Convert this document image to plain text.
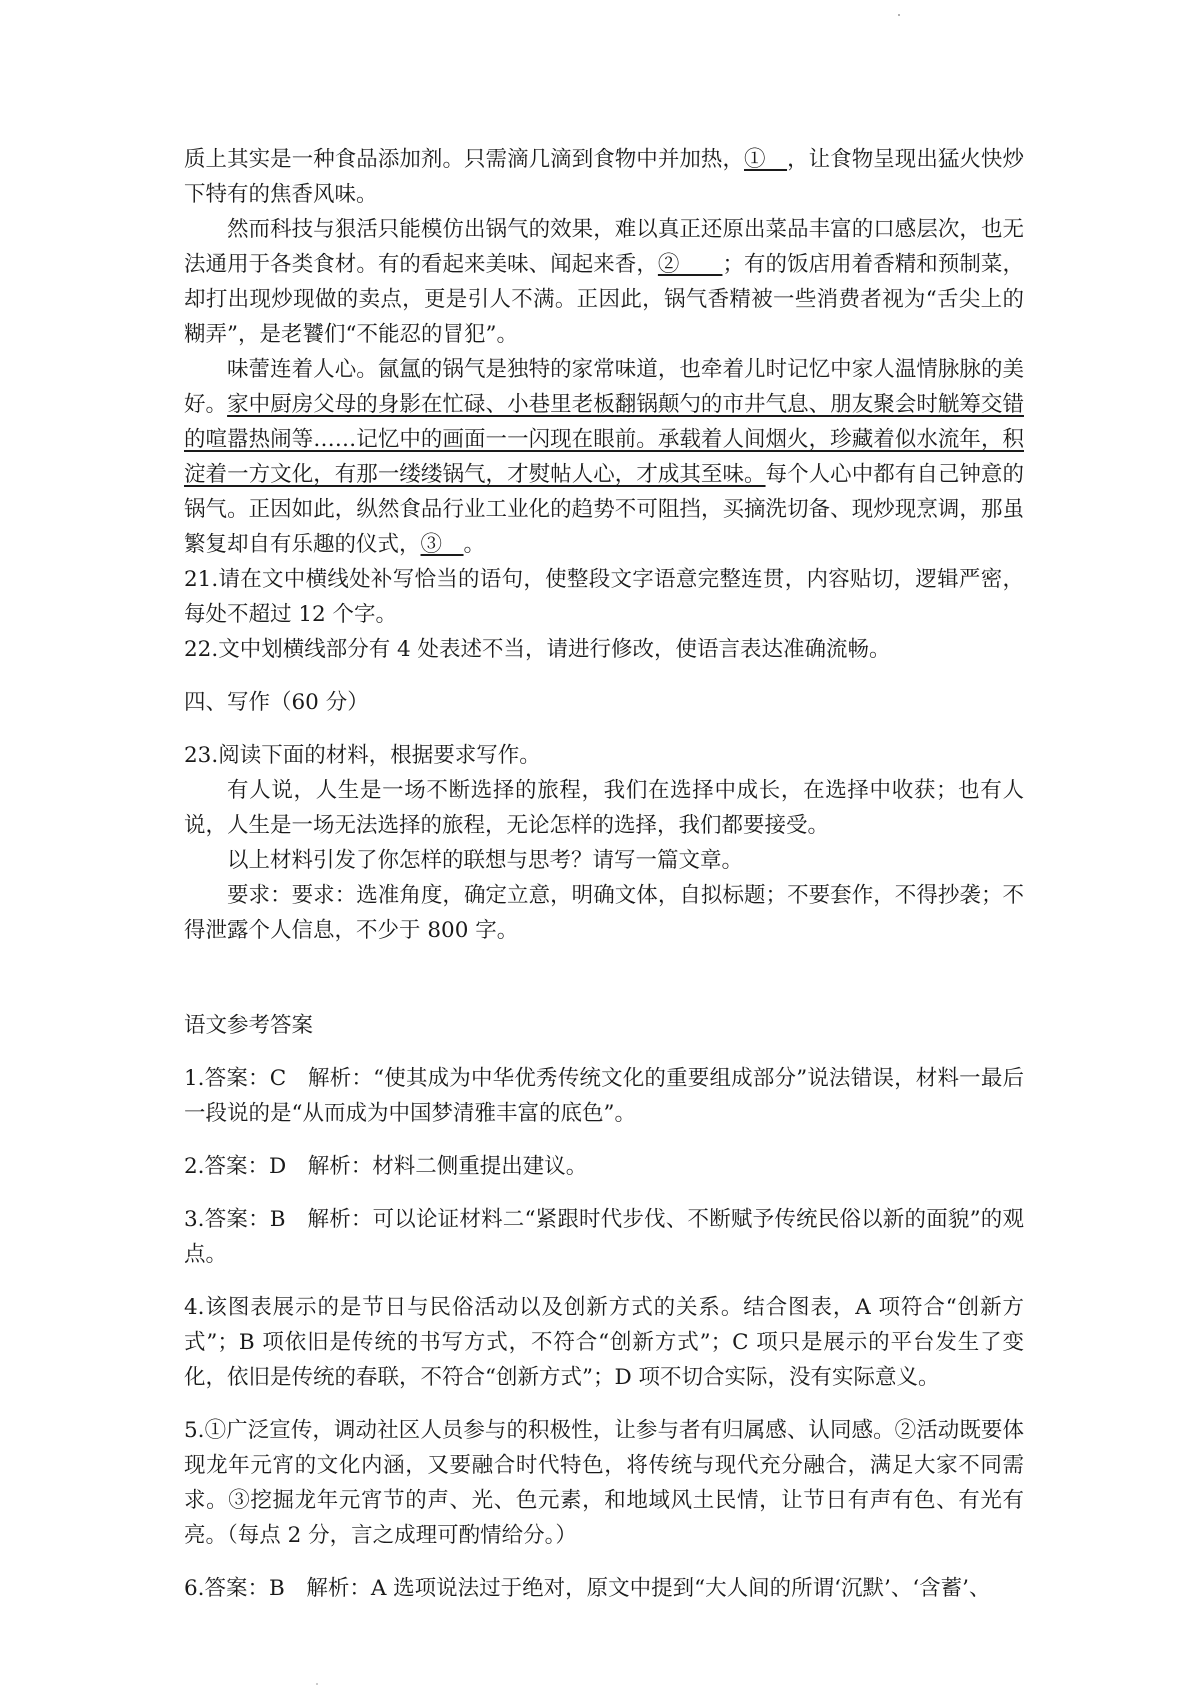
质上其实是一种食品添加剂。只需滴几滴到食物中并加热，①__，让食物呈现出猛火快炒下特有的焦香风味。

然而科技与狠活只能模仿出锅气的效果，难以真正还原出菜品丰富的口感层次，也无法通用于各类食材。有的看起来美味、闻起来香，②____；有的饭店用着香精和预制菜，却打出现炒现做的卖点，更是引人不满。正因此，锅气香精被一些消费者视为“舌尖上的糊弄”，是老饕们“不能忍的冒犯”。

味蕾连着人心。氤氲的锅气是独特的家常味道，也牵着儿时记忆中家人温情脉脉的美好。家中厨房父母的身影在忙碌、小巷里老板翻锅颠勺的市井气息、朋友聚会时觥筹交错的喧嚣热闹等……记忆中的画面一一闪现在眼前。承载着人间烟火，珍藏着似水流年，积淀着一方文化，有那一缕缕锅气，才熨帖人心，才成其至味。每个人心中都有自己钟意的锅气。正因如此，纵然食品行业工业化的趋势不可阻挡，买摘洗切备、现炒现烹调，那虽繁复却自有乐趣的仪式，③__。

21.请在文中横线处补写恰当的语句，使整段文字语意完整连贯，内容贴切，逻辑严密，每处不超过 12 个字。

22.文中划横线部分有 4 处表述不当，请进行修改，使语言表达准确流畅。

四、写作（60 分）

23.阅读下面的材料，根据要求写作。

有人说，人生是一场不断选择的旅程，我们在选择中成长，在选择中收获；也有人说，人生是一场无法选择的旅程，无论怎样的选择，我们都要接受。

以上材料引发了你怎样的联想与思考？请写一篇文章。

要求：要求：选准角度，确定立意，明确文体，自拟标题；不要套作，不得抄袭；不得泄露个人信息，不少于 800 字。

语文参考答案

1.答案：C　解析：“使其成为中华优秀传统文化的重要组成部分”说法错误，材料一最后一段说的是“从而成为中国梦清雅丰富的底色”。

2.答案：D　解析：材料二侧重提出建议。

3.答案：B　解析：可以论证材料二“紧跟时代步伐、不断赋予传统民俗以新的面貌”的观点。

4.该图表展示的是节日与民俗活动以及创新方式的关系。结合图表，A 项符合“创新方式”；B 项依旧是传统的书写方式，不符合“创新方式”；C 项只是展示的平台发生了变化，依旧是传统的春联，不符合“创新方式”；D 项不切合实际，没有实际意义。

5.①广泛宣传，调动社区人员参与的积极性，让参与者有归属感、认同感。②活动既要体现龙年元宵的文化内涵，又要融合时代特色，将传统与现代充分融合，满足大家不同需求。③挖掘龙年元宵节的声、光、色元素，和地域风土民情，让节日有声有色、有光有亮。（每点 2 分，言之成理可酌情给分。）

6.答案：B　解析：A 选项说法过于绝对，原文中提到“大人间的所谓‘沉默’、‘含蓄’、
